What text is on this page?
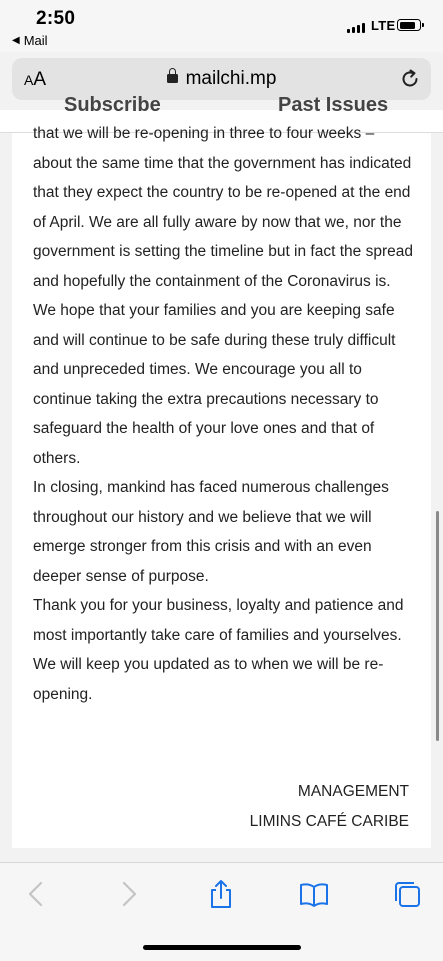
2:50
◀ Mail
LTE
AA	mailchi.mp
Subscribe	Past Issues

that we will be re-opening in three to four weeks –

about the same time that the government has indicated

that they expect the country to be re-opened at the end

of April. We are all fully aware by now that we, nor the

government is setting the timeline but in fact the spread

and hopefully the containment of the Coronavirus is.

We hope that your families and you are keeping safe

and will continue to be safe during these truly difficult

and unpreceded times. We encourage you all to

continue taking the extra precautions necessary to

safeguard the health of your love ones and that of

others.

In closing, mankind has faced numerous challenges

throughout our history and we believe that we will

emerge stronger from this crisis and with an even

deeper sense of purpose.

Thank you for your business, loyalty and patience and

most importantly take care of families and yourselves.

We will keep you updated as to when we will be re-

opening.

MANAGEMENT
LIMINS CAFÉ CARIBE
